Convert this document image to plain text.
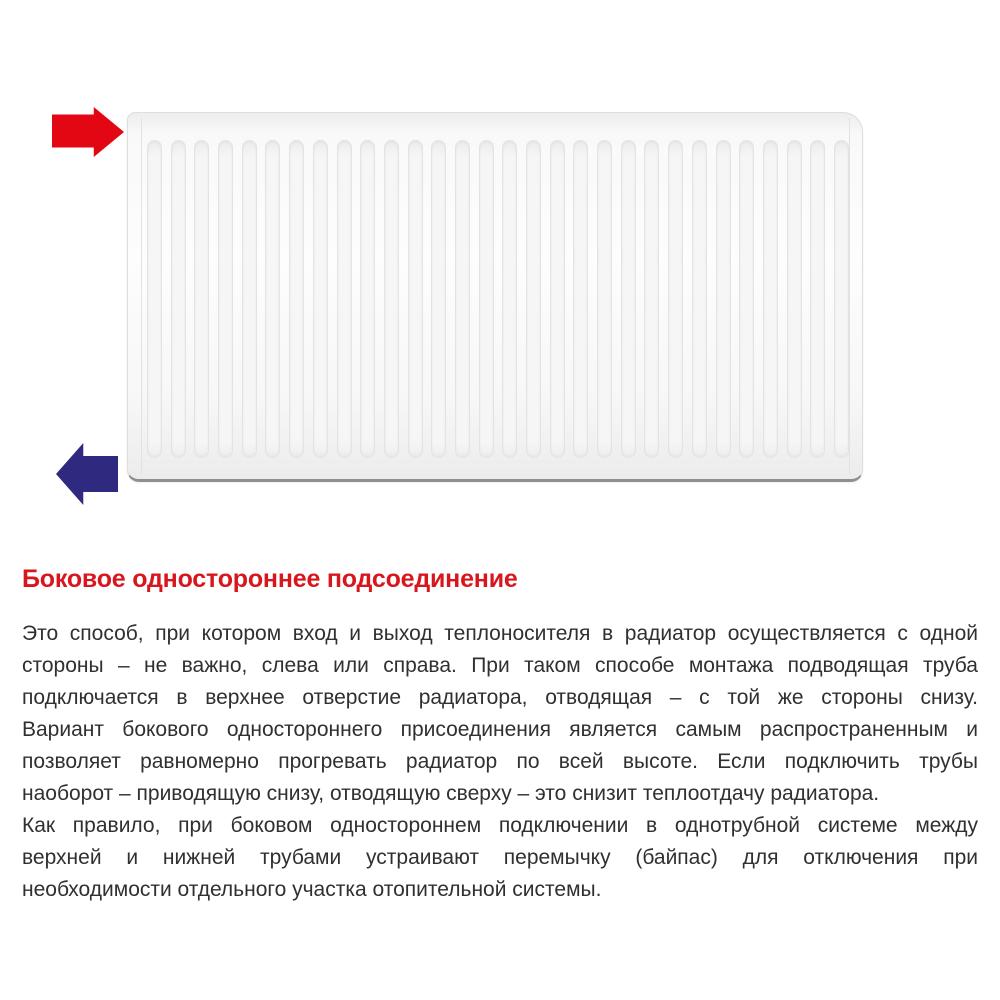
Боковое одностороннее подсоединение
Это способ, при котором вход и выход теплоносителя в радиатор осуществляется с одной
стороны – не важно, слева или справа. При таком способе монтажа подводящая труба
подключается в верхнее отверстие радиатора, отводящая – с той же стороны снизу.
Вариант бокового одностороннего присоединения является самым распространенным и
позволяет равномерно прогревать радиатор по всей высоте. Если подключить трубы
наоборот – приводящую снизу, отводящую сверху – это снизит теплоотдачу радиатора.
Как правило, при боковом одностороннем подключении в однотрубной системе между
верхней и нижней трубами устраивают перемычку (байпас) для отключения при
необходимости отдельного участка отопительной системы.
